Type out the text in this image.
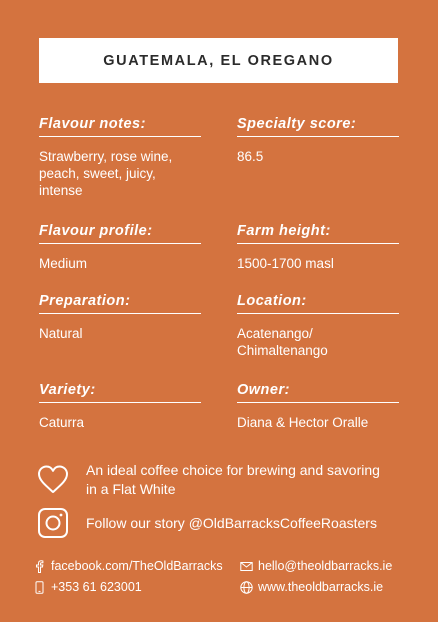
GUATEMALA, EL OREGANO
Flavour notes:
Strawberry, rose wine, peach, sweet, juicy, intense
Specialty score:
86.5
Flavour profile:
Medium
Farm height:
1500-1700 masl
Preparation:
Natural
Location:
Acatenango/ Chimaltenango
Variety:
Caturra
Owner:
Diana & Hector Oralle
An ideal coffee choice for brewing and savoring in a Flat White
Follow our story @OldBarracksCoffeeRoasters
facebook.com/TheOldBarracks
+353 61 623001
hello@theoldbarracks.ie
www.theoldbarracks.ie
